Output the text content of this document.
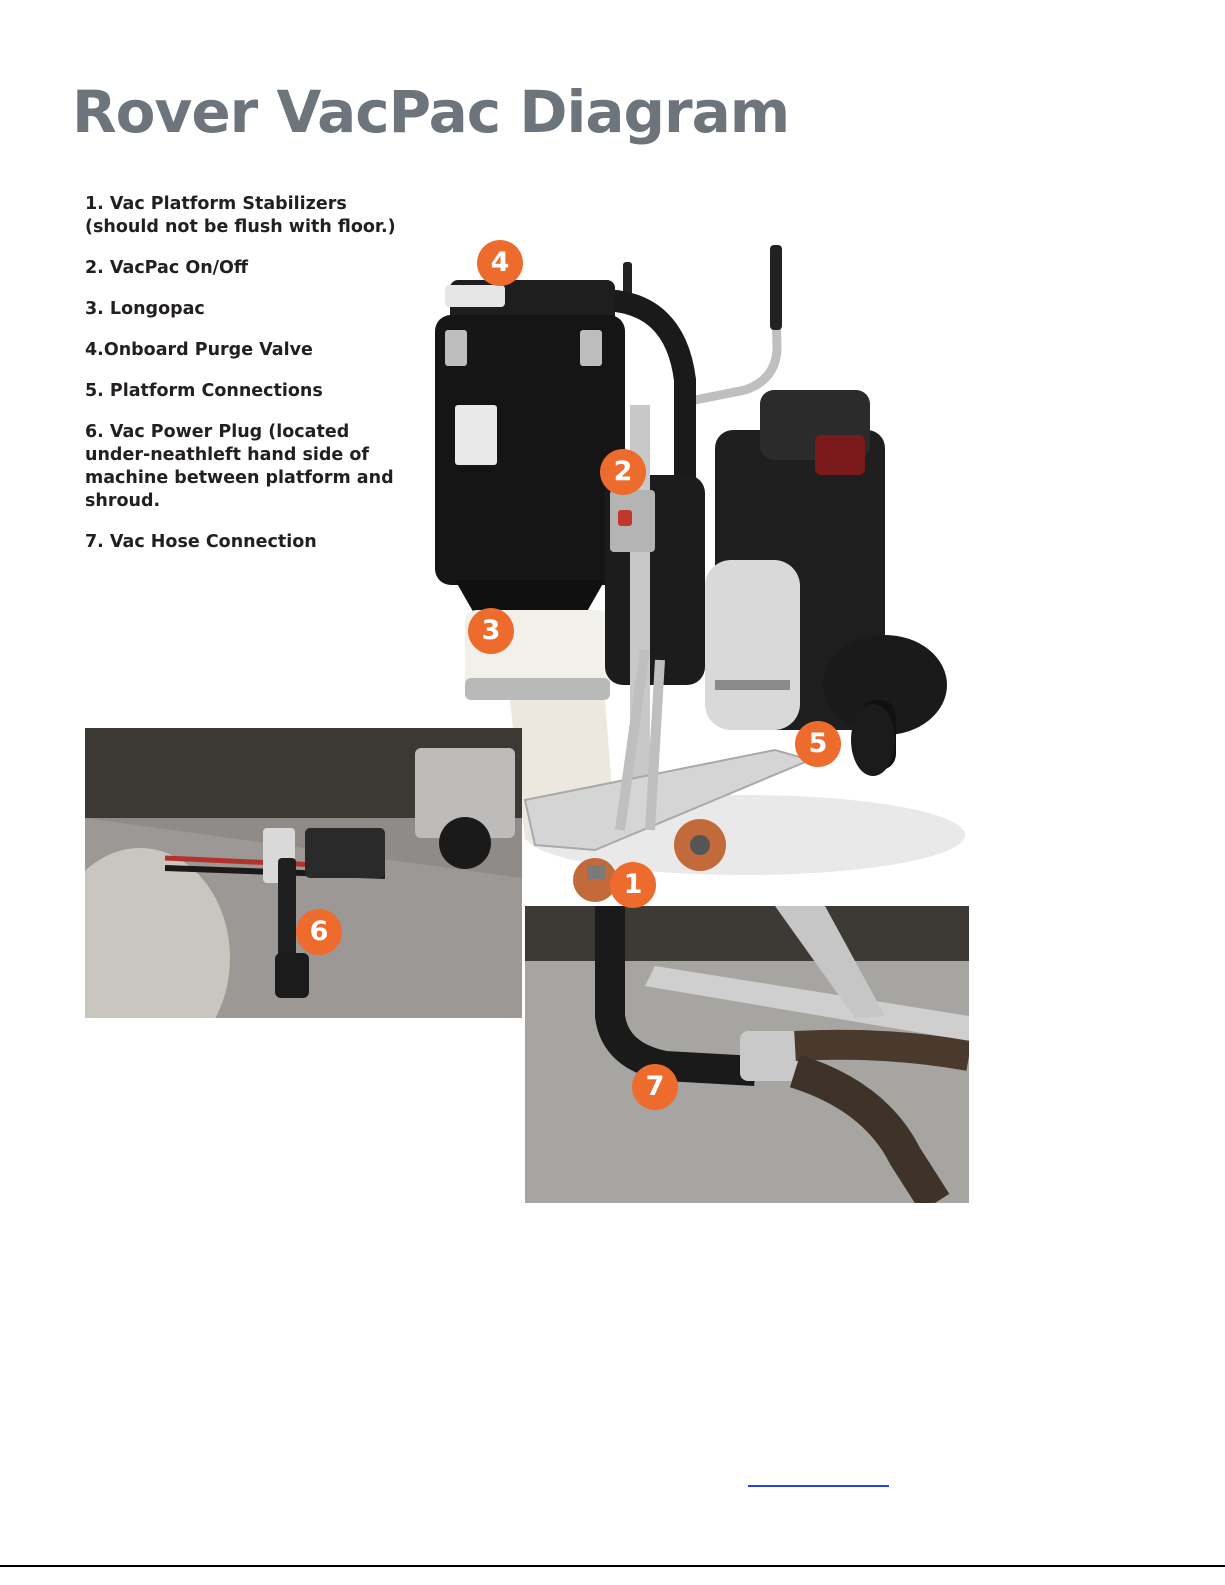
Rover VacPac Diagram
1. Vac Platform Stabilizers (should not be flush with floor.)
2. VacPac On/Off
3. Longopac
4.Onboard Purge Valve
5. Platform Connections
6. Vac Power Plug (located under-neathleft hand side of machine between platform and shroud.
7. Vac Hose Connection
4
2
3
5
1
6
7
